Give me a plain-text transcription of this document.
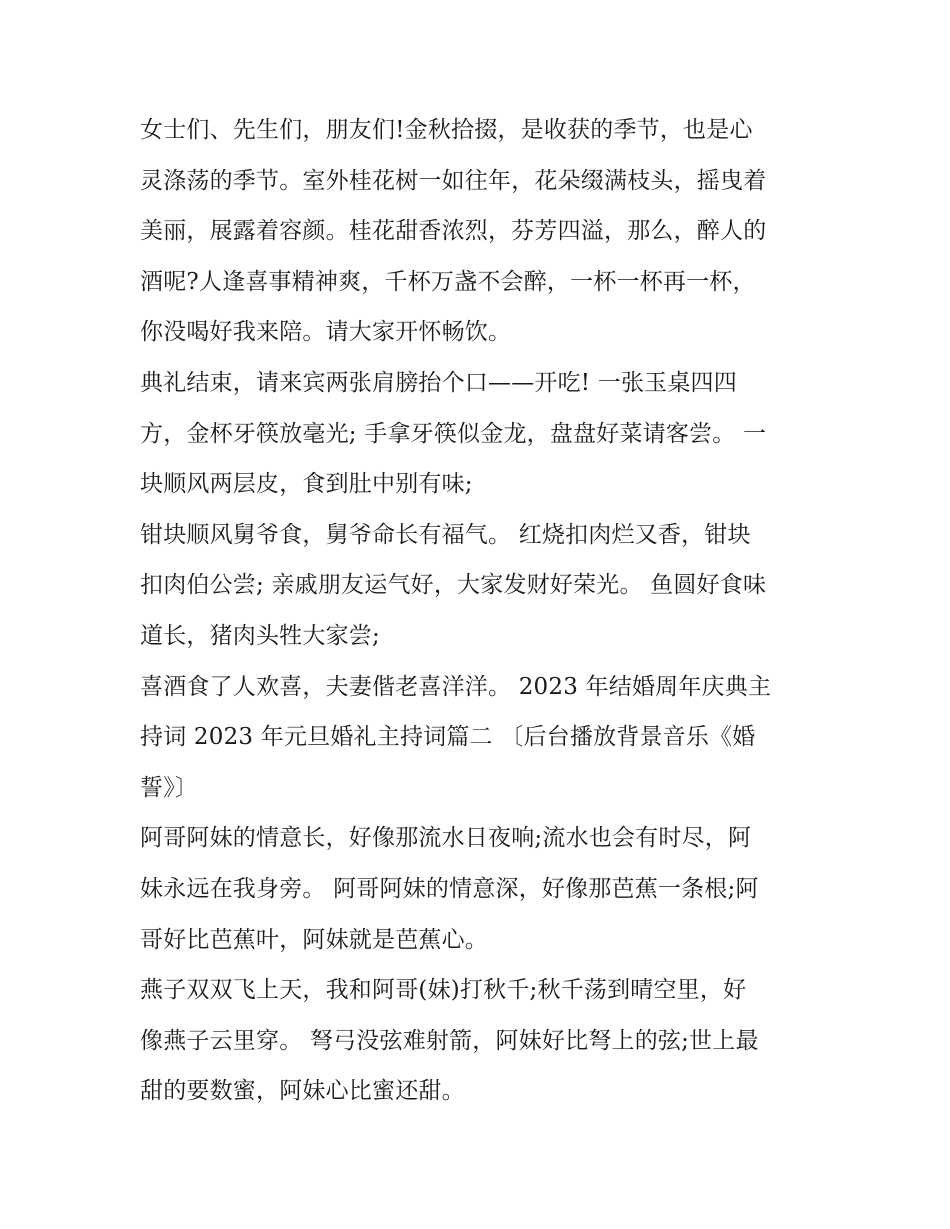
女士们、先生们，朋友们!金秋拾掇，是收获的季节，也是心
灵涤荡的季节。室外桂花树一如往年，花朵缀满枝头，摇曳着
美丽，展露着容颜。桂花甜香浓烈，芬芳四溢，那么，醉人的
酒呢?人逢喜事精神爽，千杯万盏不会醉，一杯一杯再一杯，
你没喝好我来陪。请大家开怀畅饮。
典礼结束，请来宾两张肩膀抬个口——开吃! 一张玉桌四四
方，金杯牙筷放毫光; 手拿牙筷似金龙，盘盘好菜请客尝。 一
块顺风两层皮，食到肚中别有味;
钳块顺风舅爷食，舅爷命长有福气。 红烧扣肉烂又香，钳块
扣肉伯公尝; 亲戚朋友运气好，大家发财好荣光。 鱼圆好食味
道长，猪肉头牲大家尝;
喜酒食了人欢喜，夫妻偕老喜洋洋。 2023 年结婚周年庆典主
持词 2023 年元旦婚礼主持词篇二 〔后台播放背景音乐《婚
誓》〕
阿哥阿妹的情意长，好像那流水日夜响;流水也会有时尽，阿
妹永远在我身旁。 阿哥阿妹的情意深，好像那芭蕉一条根;阿
哥好比芭蕉叶，阿妹就是芭蕉心。
燕子双双飞上天，我和阿哥(妹)打秋千;秋千荡到晴空里，好
像燕子云里穿。 弩弓没弦难射箭，阿妹好比弩上的弦;世上最
甜的要数蜜，阿妹心比蜜还甜。
